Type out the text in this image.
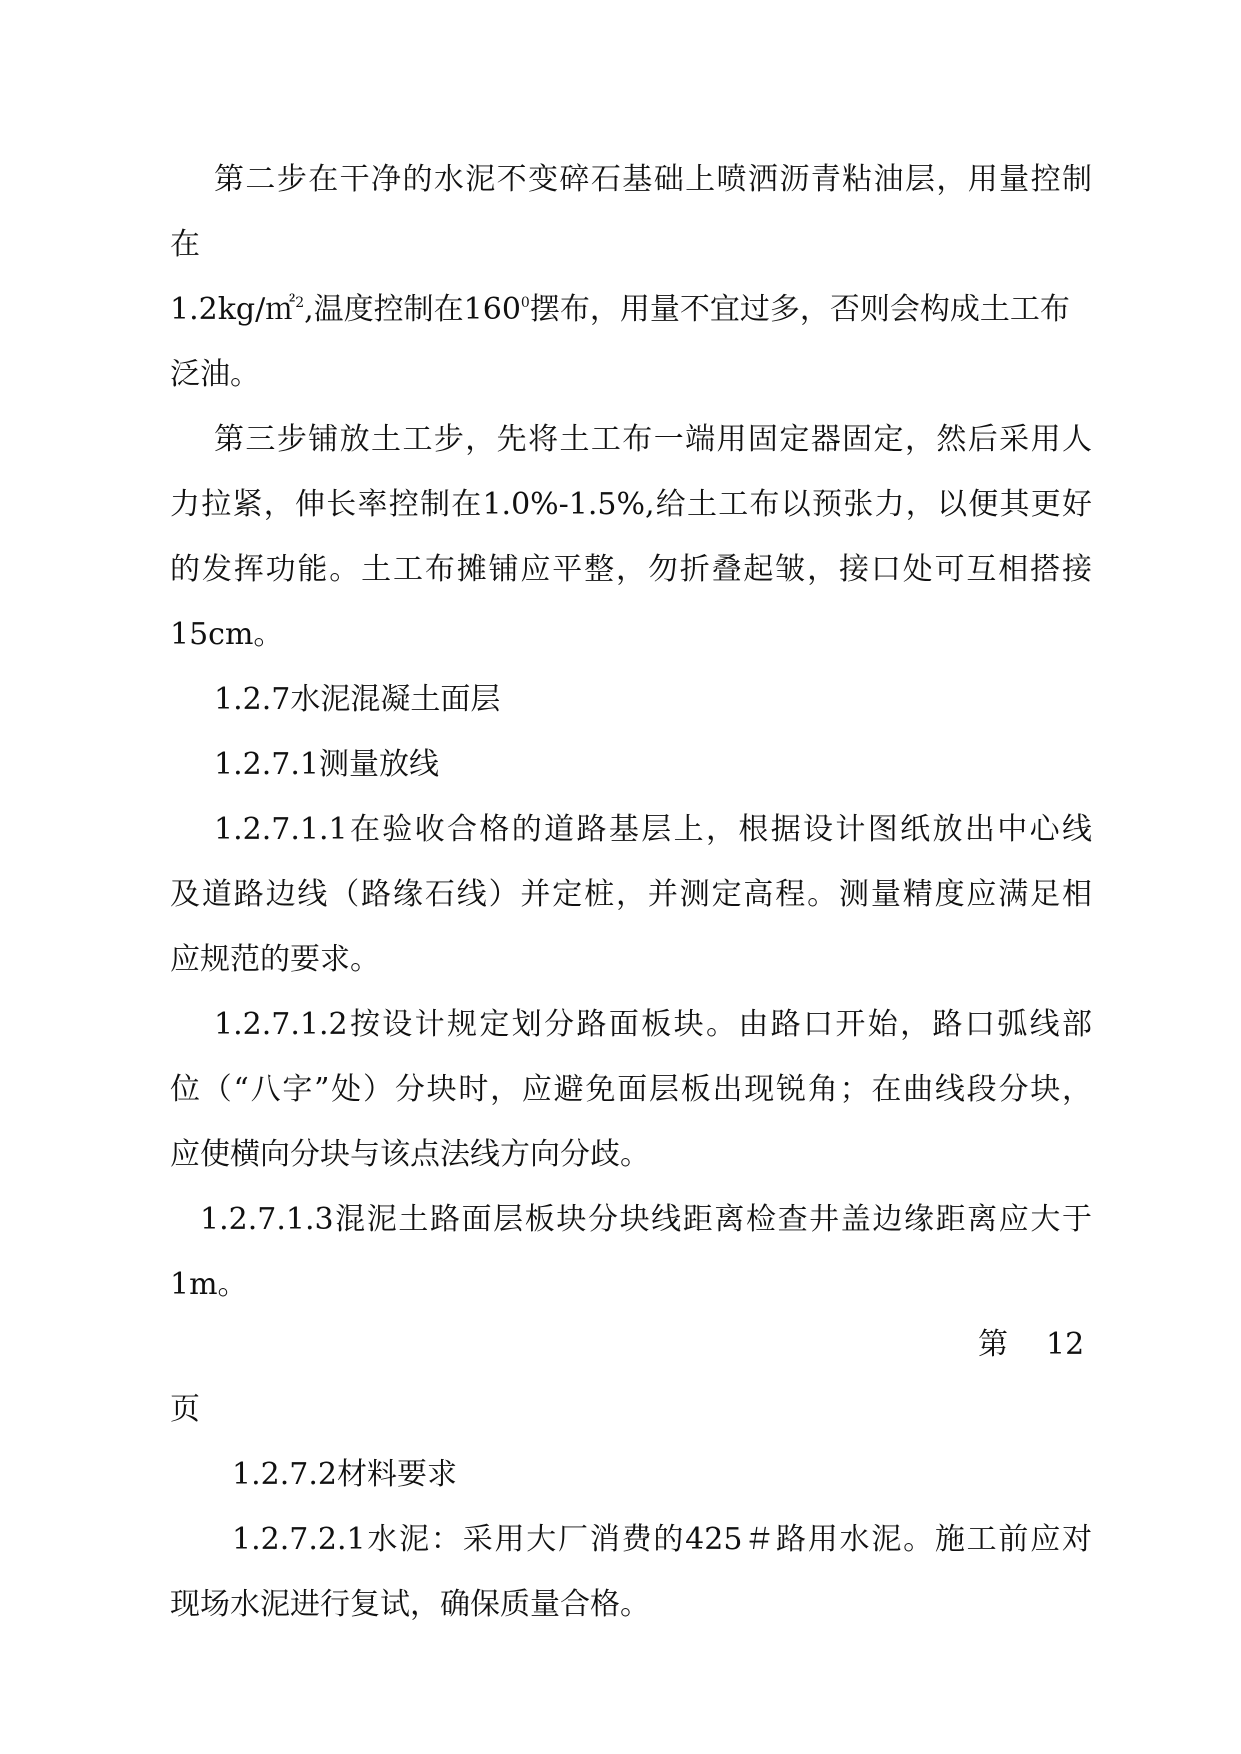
第二步在干净的水泥不变碎石基础上喷洒沥青粘油层，用量控制
在
1.2kg/㎡$^2$,温度控制在$160^0$摆布，用量不宜过多，否则会构成土工布
泛油。
第三步铺放土工步，先将土工布一端用固定器固定，然后采用人
力拉紧，伸长率控制在1.0%-1.5%,给土工布以预张力，以便其更好
的发挥功能。土工布摊铺应平整，勿折叠起皱，接口处可互相搭接
15cm。
1.2.7水泥混凝土面层
1.2.7.1测量放线
1.2.7.1.1在验收合格的道路基层上，根据设计图纸放出中心线
及道路边线（路缘石线）并定桩，并测定高程。测量精度应满足相
应规范的要求。
1.2.7.1.2按设计规定划分路面板块。由路口开始，路口弧线部
位（“八字”处）分块时，应避免面层板出现锐角；在曲线段分块，
应使横向分块与该点法线方向分歧。
1.2.7.1.3混泥土路面层板块分块线距离检查井盖边缘距离应大于
1m。
第 12
页
1.2.7.2材料要求
1.2.7.2.1水泥：采用大厂消费的425＃路用水泥。施工前应对
现场水泥进行复试，确保质量合格。
